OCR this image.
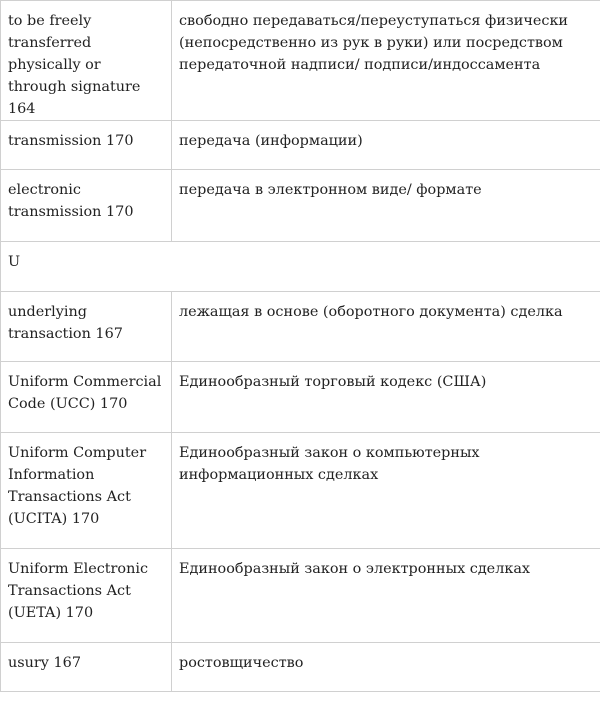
to be freely transferred physically or through signature 164	свободно передаваться/переуступаться физически (непосредственно из рук в руки) или посредством передаточной надписи/ подписи/индоссамента
transmission 170	передача (информации)
electronic transmission 170	передача в электронном виде/ формате
U	
underlying transaction 167	лежащая в основе (оборотного документа) сделка
Uniform Commercial Code (UCC) 170	Единообразный торговый кодекс (США)
Uniform Computer Information Transactions Act (UCITA) 170	Единообразный закон о компьютерных информационных сделках
Uniform Electronic Transactions Act (UETA) 170	Единообразный закон о электронных сделках
usury 167	ростовщичество
